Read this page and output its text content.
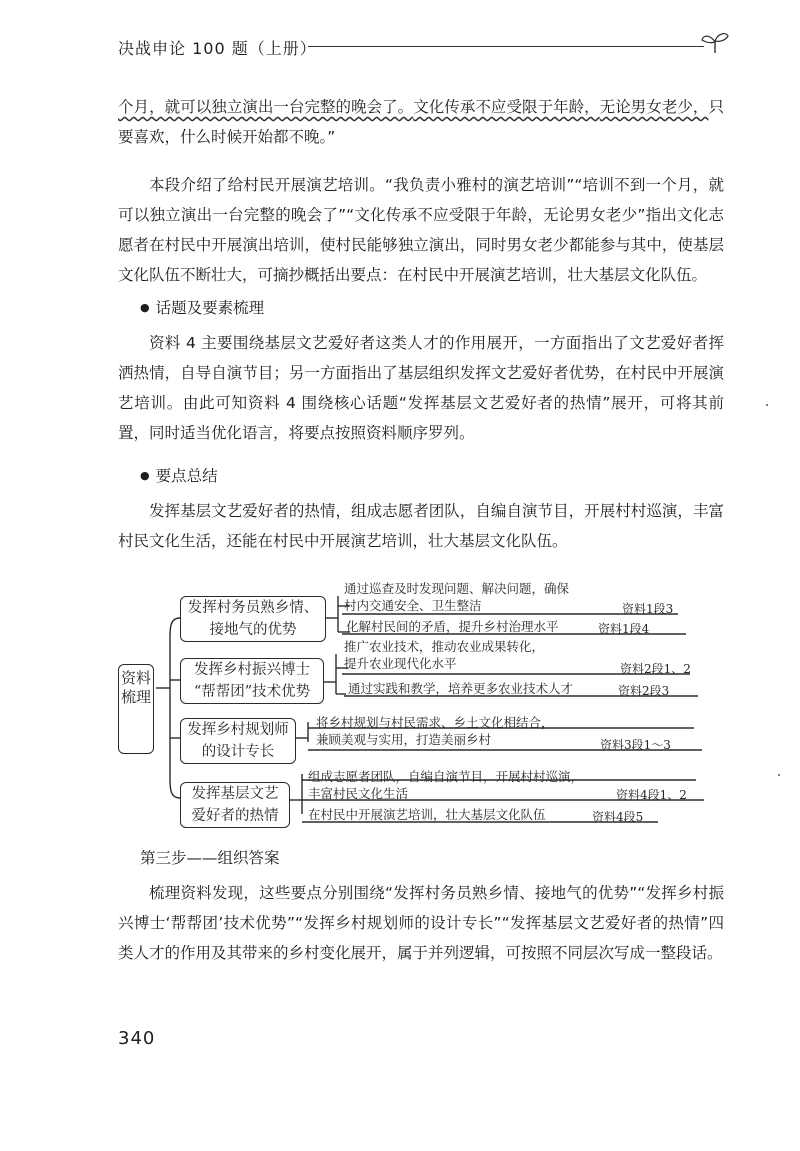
决战申论 100 题（上册）

个月，就可以独立演出一台完整的晚会了。文化传承不应受限于年龄，无论男女老少，只要喜欢，什么时候开始都不晚。”

本段介绍了给村民开展演艺培训。“我负责小雅村的演艺培训”“培训不到一个月，就可以独立演出一台完整的晚会了”“文化传承不应受限于年龄，无论男女老少”指出文化志愿者在村民中开展演出培训，使村民能够独立演出，同时男女老少都能参与其中，使基层文化队伍不断壮大，可摘抄概括出要点：在村民中开展演艺培训，壮大基层文化队伍。

● 话题及要素梳理

资料 4 主要围绕基层文艺爱好者这类人才的作用展开，一方面指出了文艺爱好者挥洒热情，自导自演节目；另一方面指出了基层组织发挥文艺爱好者优势，在村民中开展演艺培训。由此可知资料 4 围绕核心话题“发挥基层文艺爱好者的热情”展开，可将其前置，同时适当优化语言，将要点按照资料顺序罗列。

● 要点总结

发挥基层文艺爱好者的热情，组成志愿者团队，自编自演节目，开展村村巡演，丰富村民文化生活，还能在村民中开展演艺培训，壮大基层文化队伍。

资料梳理
发挥村务员熟乡情、
接地气的优势
发挥乡村振兴博士
“帮帮团”技术优势
发挥乡村规划师
的设计专长
发挥基层文艺
爱好者的热情
通过巡查及时发现问题、解决问题，确保
村内交通安全、卫生整洁	资料1段3
化解村民间的矛盾，提升乡村治理水平	资料1段4
推广农业技术，推动农业成果转化，
提升农业现代化水平	资料2段1、2
通过实践和教学，培养更多农业技术人才	资料2段3
将乡村规划与村民需求、乡土文化相结合，
兼顾美观与实用，打造美丽乡村	资料3段1～3
组成志愿者团队，自编自演节目，开展村村巡演，
丰富村民文化生活	资料4段1、2
在村民中开展演艺培训，壮大基层文化队伍	资料4段5
第三步——组织答案

梳理资料发现，这些要点分别围绕“发挥村务员熟乡情、接地气的优势”“发挥乡村振兴博士‘帮帮团’技术优势”“发挥乡村规划师的设计专长”“发挥基层文艺爱好者的热情”四类人才的作用及其带来的乡村变化展开，属于并列逻辑，可按照不同层次写成一整段话。

340
